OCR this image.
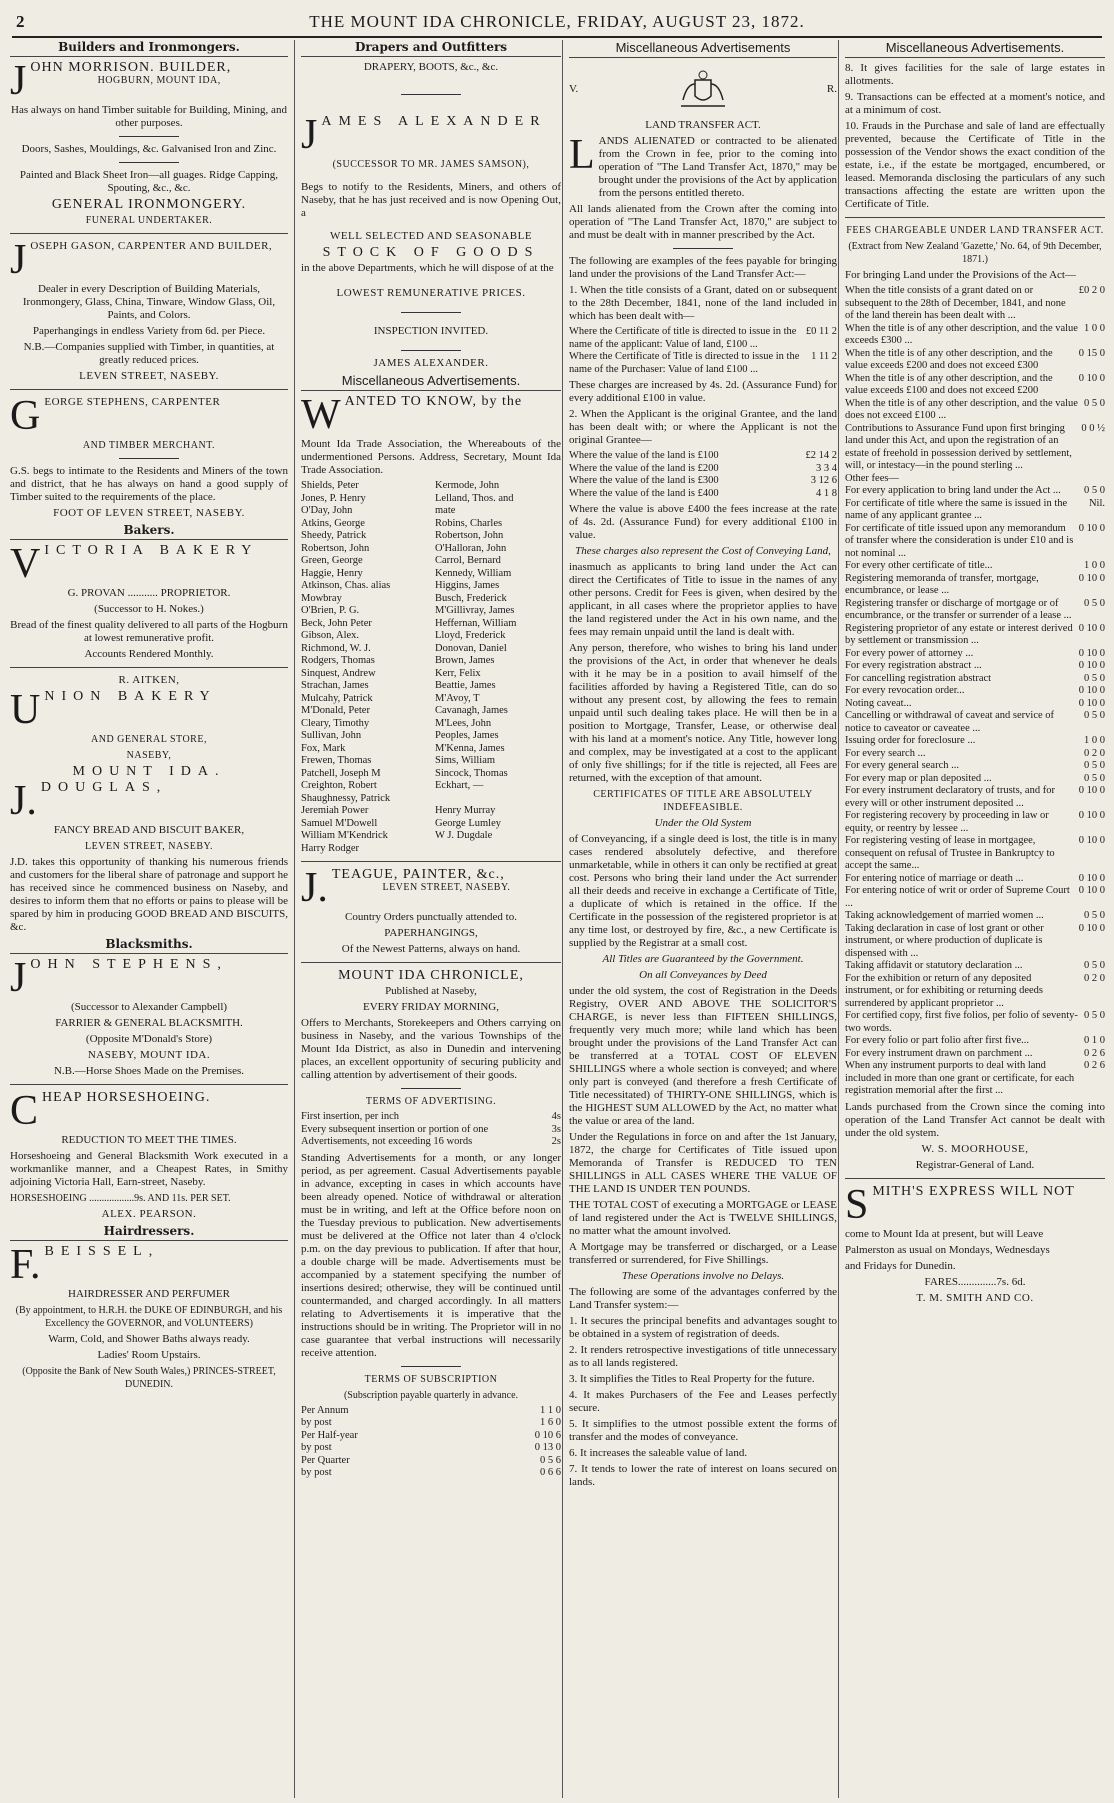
2	THE MOUNT IDA CHRONICLE, FRIDAY, AUGUST 23, 1872.
Builders and Ironmongers.
J OHN MORRISON. BUILDER,
HOGBURN, MOUNT IDA,

Has always on hand Timber suitable for Building, Mining, and other purposes.

Doors, Sashes, Mouldings, &c. Galvanised Iron and Zinc.

Painted and Black Sheet Iron—all guages. Ridge Capping, Spouting, &c., &c.

GENERAL IRONMONGERY.

FUNERAL UNDERTAKER.

J OSEPH GASON, CARPENTER AND BUILDER,

Dealer in every Description of Building Materials, Ironmongery, Glass, China, Tinware, Window Glass, Oil, Paints, and Colors.

Paperhangings in endless Variety from 6d. per Piece.

N.B.—Companies supplied with Timber, in quantities, at greatly reduced prices.

LEVEN STREET, NASEBY.

G EORGE STEPHENS, CARPENTER

AND TIMBER MERCHANT.

G.S. begs to intimate to the Residents and Miners of the town and district, that he has always on hand a good supply of Timber suited to the requirements of the place.

FOOT OF LEVEN STREET, NASEBY.

Bakers.
V ICTORIA BAKERY

G. PROVAN ........... PROPRIETOR.

(Successor to H. Nokes.)

Bread of the finest quality delivered to all parts of the Hogburn at lowest remunerative profit.

Accounts Rendered Monthly.

R. AITKEN,

U NION BAKERY

AND GENERAL STORE,

NASEBY,

MOUNT IDA.

J. DOUGLAS,

FANCY BREAD AND BISCUIT BAKER,

LEVEN STREET, NASEBY.

J.D. takes this opportunity of thanking his numerous friends and customers for the liberal share of patronage and support he has received since he commenced business on Naseby, and desires to inform them that no efforts or pains to please will be spared by him in producing GOOD BREAD AND BISCUITS, &c.

Blacksmiths.
J OHN STEPHENS,

(Successor to Alexander Campbell)

FARRIER & GENERAL BLACKSMITH.

(Opposite M'Donald's Store)

NASEBY, MOUNT IDA.

N.B.—Horse Shoes Made on the Premises.

C HEAP HORSESHOEING.

REDUCTION TO MEET THE TIMES.

Horseshoeing and General Blacksmith Work executed in a workmanlike manner, and a Cheapest Rates, in Smithy adjoining Victoria Hall, Earn-street, Naseby.

HORSESHOEING ..................9s. AND 11s. PER SET.

ALEX. PEARSON.

Hairdressers.
F. BEISSEL,

HAIRDRESSER AND PERFUMER

(By appointment, to H.R.H. the DUKE OF EDINBURGH, and his Excellency the GOVERNOR, and VOLUNTEERS)

Warm, Cold, and Shower Baths always ready.

Ladies' Room Upstairs.

(Opposite the Bank of New South Wales,) PRINCES-STREET, DUNEDIN.

Drapers and Outfitters

DRAPERY, BOOTS, &c., &c.

J AMES ALEXANDER

(SUCCESSOR TO MR. JAMES SAMSON),

Begs to notify to the Residents, Miners, and others of Naseby, that he has just received and is now Opening Out, a

WELL SELECTED AND SEASONABLE

STOCK OF GOODS

in the above Departments, which he will dispose of at the

LOWEST REMUNERATIVE PRICES.

INSPECTION INVITED.

JAMES ALEXANDER.

Miscellaneous Advertisements.
W ANTED TO KNOW, by the

Mount Ida Trade Association, the Whereabouts of the undermentioned Persons. Address, Secretary, Mount Ida Trade Association.

Shields, Peter
Jones, P. Henry
O'Day, John
Atkins, George
Sheedy, Patrick
Robertson, John
Green, George
Haggie, Henry
Atkinson, Chas. alias
Mowbray
O'Brien, P. G.
Beck, John Peter
Gibson, Alex.
Richmond, W. J.
Rodgers, Thomas
Sinquest, Andrew
Strachan, James
Mulcahy, Patrick
M'Donald, Peter
Cleary, Timothy
Sullivan, John
Fox, Mark
Frewen, Thomas
Patchell, Joseph M
Creighton, Robert
Shaughnessy, Patrick
Jeremiah Power
Samuel M'Dowell
William M'Kendrick
Harry Rodger
Kermode, John
Lelland, Thos. and
mate
Robins, Charles
Robertson, John
O'Halloran, John
Carrol, Bernard
Kennedy, William
Higgins, James
Busch, Frederick
M'Gillivray, James
Heffernan, William
Lloyd, Frederick
Donovan, Daniel
Brown, James
Kerr, Felix
Beattie, James
M'Avoy, T
Cavanagh, James
M'Lees, John
Peoples, James
M'Kenna, James
Sims, William
Sincock, Thomas
Eckhart, —

Henry Murray
George Lumley
W J. Dugdale

J. TEAGUE, PAINTER, &c.,
LEVEN STREET, NASEBY.

Country Orders punctually attended to.

PAPERHANGINGS,

Of the Newest Patterns, always on hand.

MOUNT IDA CHRONICLE,

Published at Naseby,

EVERY FRIDAY MORNING,

Offers to Merchants, Storekeepers and Others carrying on business in Naseby, and the various Townships of the Mount Ida District, as also in Dunedin and intervening places, an excellent opportunity of securing publicity and calling attention by advertisement of their goods.

TERMS OF ADVERTISING.

First insertion, per inch	4s
Every subsequent insertion or portion of one	3s
Advertisements, not exceeding 16 words	2s

Standing Advertisements for a month, or any longer period, as per agreement. Casual Advertisements payable in advance, excepting in cases in which accounts have been already opened. Notice of withdrawal or alteration must be in writing, and left at the Office before noon on the Tuesday previous to publication. New advertisements must be delivered at the Office not later than 4 o'clock p.m. on the day previous to publication. If after that hour, a double charge will be made. Advertisements must be accompanied by a statement specifying the number of insertions desired; otherwise, they will be continued until countermanded, and charged accordingly. In all matters relating to Advertisements it is imperative that the instructions should be in writing. The Proprietor will in no case guarantee that verbal instructions will necessarily receive attention.

TERMS OF SUBSCRIPTION

(Subscription payable quarterly in advance.

Per Annum	1 1 0
by post	1 6 0
Per Half-year	0 10 6
by post	0 13 0
Per Quarter	0 5 6
by post	0 6 6
Miscellaneous Advertisements
V.	R.

LAND TRANSFER ACT.

L ANDS ALIENATED or contracted to be alienated from the Crown in fee, prior to the coming into operation of "The Land Transfer Act, 1870," may be brought under the provisions of the Act by application from the persons entitled thereto.

All lands alienated from the Crown after the coming into operation of "The Land Transfer Act, 1870," are subject to and must be dealt with in manner prescribed by the Act.

The following are examples of the fees payable for bringing land under the provisions of the Land Transfer Act:—

1. When the title consists of a Grant, dated on or subsequent to the 28th December, 1841, none of the land included in which has been dealt with—

Where the Certificate of title is directed to issue in the name of the applicant: Value of land, £100 ...
£0 11 2
Where the Certificate of Title is directed to issue in the name of the Purchaser: Value of land £100 ...
1 11 2

These charges are increased by 4s. 2d. (Assurance Fund) for every additional £100 in value.

2. When the Applicant is the original Grantee, and the land has been dealt with; or where the Applicant is not the original Grantee—

Where the value of the land is £100	£2 14 2
Where the value of the land is £200	3 3 4
Where the value of the land is £300	3 12 6
Where the value of the land is £400	4 1 8

Where the value is above £400 the fees increase at the rate of 4s. 2d. (Assurance Fund) for every additional £100 in value.

These charges also represent the Cost of Conveying Land,

inasmuch as applicants to bring land under the Act can direct the Certificates of Title to issue in the names of any other persons. Credit for Fees is given, when desired by the applicant, in all cases where the proprietor applies to have the land registered under the Act in his own name, and the fees may remain unpaid until the land is dealt with.

Any person, therefore, who wishes to bring his land under the provisions of the Act, in order that whenever he deals with it he may be in a position to avail himself of the facilities afforded by having a Registered Title, can do so without any present cost, by allowing the fees to remain unpaid until such dealing takes place. He will then be in a position to Mortgage, Transfer, Lease, or otherwise deal with his land at a moment's notice. Any Title, however long and complex, may be investigated at a cost to the applicant of only five shillings; for if the title is rejected, all Fees are returned, with the exception of that amount.

CERTIFICATES OF TITLE ARE ABSOLUTELY INDEFEASIBLE.

Under the Old System

of Conveyancing, if a single deed is lost, the title is in many cases rendered absolutely defective, and therefore unmarketable, while in others it can only be rectified at great cost. Persons who bring their land under the Act surrender all their deeds and receive in exchange a Certificate of Title, a duplicate of which is retained in the office. If the Certificate in the possession of the registered proprietor is at any time lost, or destroyed by fire, &c., a new Certificate is supplied by the Registrar at a small cost.

All Titles are Guaranteed by the Government.

On all Conveyances by Deed

under the old system, the cost of Registration in the Deeds Registry, OVER AND ABOVE THE SOLICITOR'S CHARGE, is never less than FIFTEEN SHILLINGS, frequently very much more; while land which has been brought under the provisions of the Land Transfer Act can be transferred at a TOTAL COST OF ELEVEN SHILLINGS where a whole section is conveyed; and where only part is conveyed (and therefore a fresh Certificate of Title necessitated) of THIRTY-ONE SHILLINGS, which is the HIGHEST SUM ALLOWED by the Act, no matter what the value or area of the land.

Under the Regulations in force on and after the 1st January, 1872, the charge for Certificates of Title issued upon Memoranda of Transfer is REDUCED TO TEN SHILLINGS in ALL CASES WHERE THE VALUE OF THE LAND IS UNDER TEN POUNDS.

THE TOTAL COST of executing a MORTGAGE or LEASE of land registered under the Act is TWELVE SHILLINGS, no matter what the amount involved.

A Mortgage may be transferred or discharged, or a Lease transferred or surrendered, for Five Shillings.

These Operations involve no Delays.

The following are some of the advantages conferred by the Land Transfer system:—

1. It secures the principal benefits and advantages sought to be obtained in a system of registration of deeds.

2. It renders retrospective investigations of title unnecessary as to all lands registered.

3. It simplifies the Titles to Real Property for the future.

4. It makes Purchasers of the Fee and Leases perfectly secure.

5. It simplifies to the utmost possible extent the forms of transfer and the modes of conveyance.

6. It increases the saleable value of land.

7. It tends to lower the rate of interest on loans secured on lands.

Miscellaneous Advertisements.

8. It gives facilities for the sale of large estates in allotments.

9. Transactions can be effected at a moment's notice, and at a minimum of cost.

10. Frauds in the Purchase and sale of land are effectually prevented, because the Certificate of Title in the possession of the Vendor shows the exact condition of the estate, i.e., if the estate be mortgaged, encumbered, or leased. Memoranda disclosing the particulars of any such transactions affecting the estate are written upon the Certificate of Title.

FEES CHARGEABLE UNDER LAND TRANSFER ACT.

(Extract from New Zealand 'Gazette,' No. 64, of 9th December, 1871.)

For bringing Land under the Provisions of the Act—

When the title consists of a grant dated on or subsequent to the 28th of December, 1841, and none of the land therein has been dealt with ...
£0 2 0
When the title is of any other description, and the value exceeds £300 ...
1 0 0
When the title is of any other description, and the value exceeds £200 and does not exceed £300
0 15 0
When the title is of any other description, and the value exceeds £100 and does not exceed £200
0 10 0
When the title is of any other description, and the value does not exceed £100 ...
0 5 0
Contributions to Assurance Fund upon first bringing land under this Act, and upon the registration of an estate of freehold in possession derived by settlement, will, or intestacy—in the pound sterling ...
0 0 ½
Other fees—
For every application to bring land under the Act ... 0 5 0
For certificate of title where the same is issued in the name of any applicant grantee ...
Nil.
For certificate of title issued upon any memorandum of transfer where the consideration is under £10 and is not nominal ...
0 10 0
For every other certificate of title...	1 0 0
Registering memoranda of transfer, mortgage, encumbrance, or lease ...
0 10 0
Registering transfer or discharge of mortgage or of encumbrance, or the transfer or surrender of a lease ...
0 5 0
Registering proprietor of any estate or interest derived by settlement or transmission ...
0 10 0
For every power of attorney ...	0 10 0
For every registration abstract ...	0 10 0
For cancelling registration abstract	0 5 0
For every revocation order...	0 10 0
Noting caveat...	0 10 0
Cancelling or withdrawal of caveat and service of notice to caveator or caveatee ...
0 5 0
Issuing order for foreclosure ...	1 0 0
For every search ...	0 2 0
For every general search ...	0 5 0
For every map or plan deposited ...	0 5 0
For every instrument declaratory of trusts, and for every will or other instrument deposited ...
0 10 0
For registering recovery by proceeding in law or equity, or reentry by lessee ...
0 10 0
For registering vesting of lease in mortgagee, consequent on refusal of Trustee in Bankruptcy to accept the same...
0 10 0
For entering notice of marriage or death ...	0 10 0
For entering notice of writ or order of Supreme Court ...
0 10 0
Taking acknowledgement of married women ...	0 5 0
Taking declaration in case of lost grant or other instrument, or where production of duplicate is dispensed with ...
0 10 0
Taking affidavit or statutory declaration ...	0 5 0
For the exhibition or return of any deposited instrument, or for exhibiting or returning deeds surrendered by applicant proprietor ...
0 2 0
For certified copy, first five folios, per folio of seventy-two words.
0 5 0
For every folio or part folio after first five...	0 1 0
For every instrument drawn on parchment ...	0 2 6
When any instrument purports to deal with land included in more than one grant or certificate, for each registration memorial after the first ...
0 2 6

Lands purchased from the Crown since the coming into operation of the Land Transfer Act cannot be dealt with under the old system.

W. S. MOORHOUSE,

Registrar-General of Land.

S MITH'S EXPRESS WILL NOT

come to Mount Ida at present, but will Leave

Palmerston as usual on Mondays, Wednesdays

and Fridays for Dunedin.

FARES..............7s. 6d.

T. M. SMITH AND CO.
